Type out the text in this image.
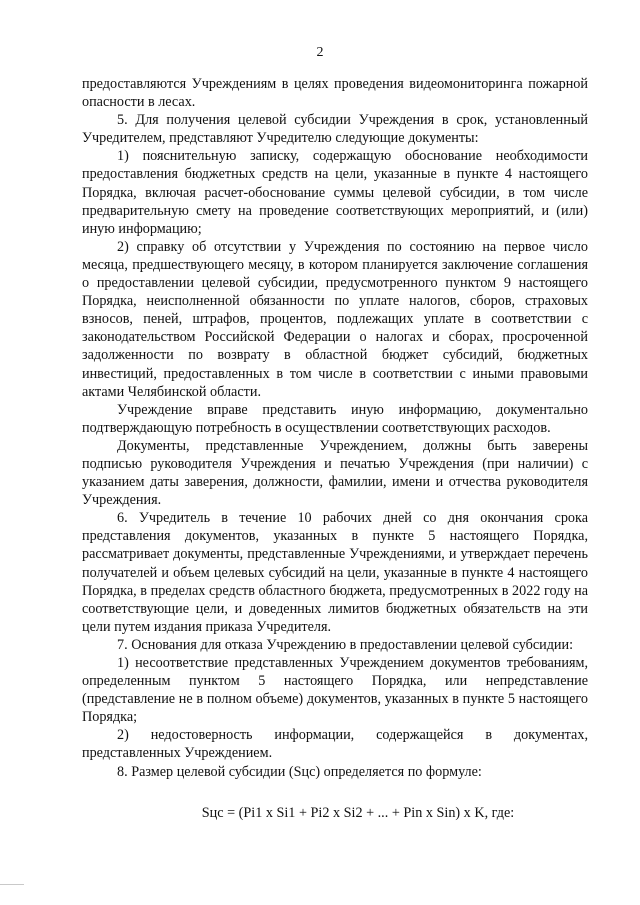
2

предоставляются Учреждениям в целях проведения видеомониторинга пожарной опасности в лесах.

5. Для получения целевой субсидии Учреждения в срок, установленный Учредителем, представляют Учредителю следующие документы:

1) пояснительную записку, содержащую обоснование необходимости предоставления бюджетных средств на цели, указанные в пункте 4 настоящего Порядка, включая расчет-обоснование суммы целевой субсидии, в том числе предварительную смету на проведение соответствующих мероприятий, и (или) иную информацию;

2) справку об отсутствии у Учреждения по состоянию на первое число месяца, предшествующего месяцу, в котором планируется заключение соглашения о предоставлении целевой субсидии, предусмотренного пунктом 9 настоящего Порядка, неисполненной обязанности по уплате налогов, сборов, страховых взносов, пеней, штрафов, процентов, подлежащих уплате в соответствии с законодательством Российской Федерации о налогах и сборах, просроченной задолженности по возврату в областной бюджет субсидий, бюджетных инвестиций, предоставленных в том числе в соответствии с иными правовыми актами Челябинской области.

Учреждение вправе представить иную информацию, документально подтверждающую потребность в осуществлении соответствующих расходов.

Документы, представленные Учреждением, должны быть заверены подписью руководителя Учреждения и печатью Учреждения (при наличии) с указанием даты заверения, должности, фамилии, имени и отчества руководителя Учреждения.

6. Учредитель в течение 10 рабочих дней со дня окончания срока представления документов, указанных в пункте 5 настоящего Порядка, рассматривает документы, представленные Учреждениями, и утверждает перечень получателей и объем целевых субсидий на цели, указанные в пункте 4 настоящего Порядка, в пределах средств областного бюджета, предусмотренных в 2022 году на соответствующие цели, и доведенных лимитов бюджетных обязательств на эти цели путем издания приказа Учредителя.

7. Основания для отказа Учреждению в предоставлении целевой субсидии:

1) несоответствие представленных Учреждением документов требованиям, определенным пунктом 5 настоящего Порядка, или непредставление (представление не в полном объеме) документов, указанных в пункте 5 настоящего Порядка;

2) недостоверность информации, содержащейся в документах, представленных Учреждением.

8. Размер целевой субсидии (Sцс) определяется по формуле:

Sцс = (Pi1 x Si1 + Pi2 x Si2 + ... + Pin x Sin) x K, где:
